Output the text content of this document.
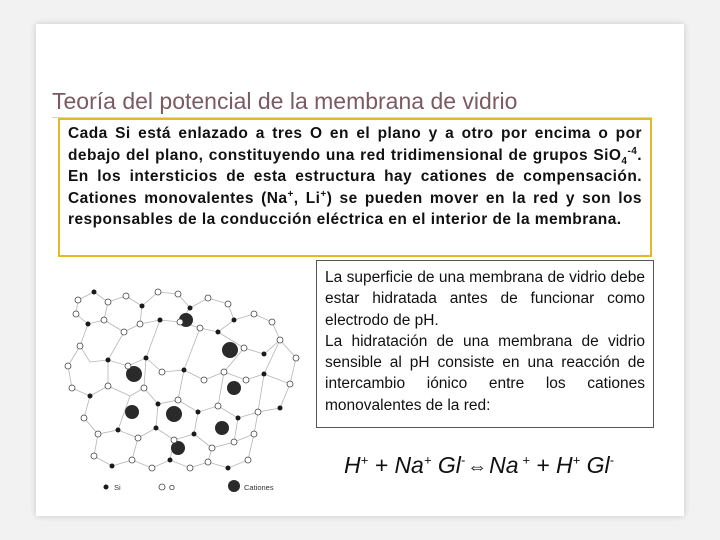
Teoría del potencial de la membrana de vidrio
Cada Si está enlazado a tres O en el plano y a otro por encima o por debajo del plano, constituyendo una red tridimensional de grupos SiO$_4^{-4}$. En los intersticios de esta estructura hay cationes de compensación. Cationes monovalentes (Na+, Li+) se pueden mover en la red y son los responsables de la conducción eléctrica en el interior de la membrana.
Si	O	Cationes
La superficie de una membrana de vidrio debe estar hidratada antes de funcionar como electrodo de pH.
La hidratación de una membrana de vidrio sensible al pH consiste en una reacción de intercambio iónico entre los cationes monovalentes de la red:
H+ + Na+ Gl- ⇔Na + + H+ Gl-
